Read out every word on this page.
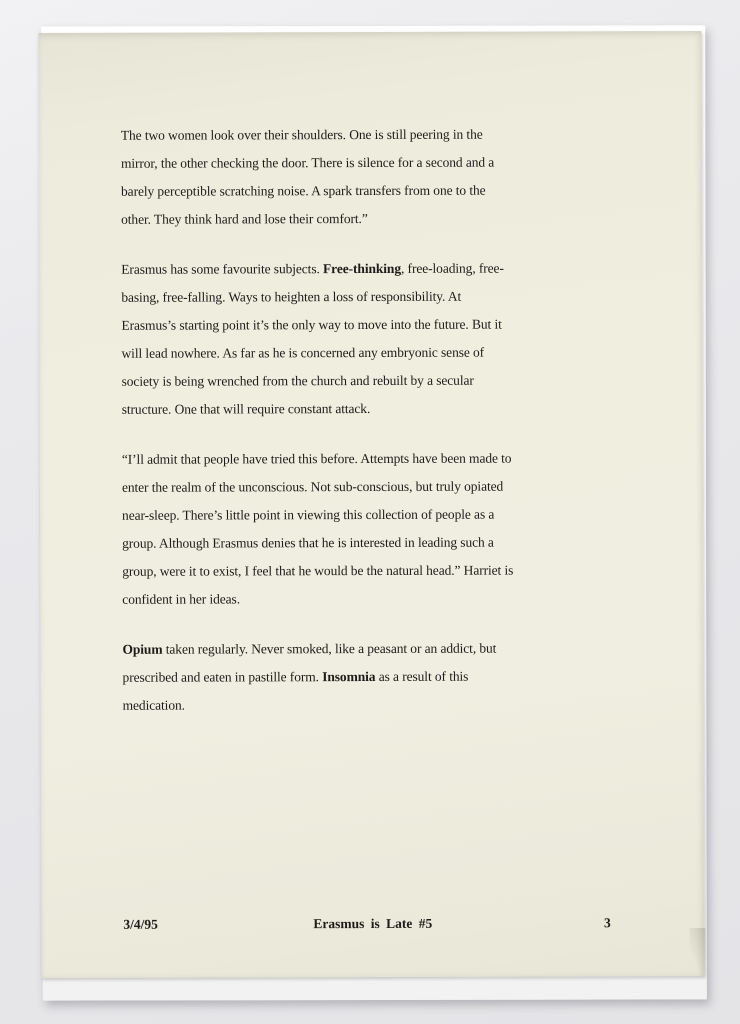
The two women look over their shoulders. One is still peering in the
mirror, the other checking the door. There is silence for a second and a
barely perceptible scratching noise. A spark transfers from one to the
other. They think hard and lose their comfort.”

Erasmus has some favourite subjects. Free-thinking, free-loading, free-
basing, free-falling. Ways to heighten a loss of responsibility. At
Erasmus’s starting point it’s the only way to move into the future. But it
will lead nowhere. As far as he is concerned any embryonic sense of
society is being wrenched from the church and rebuilt by a secular
structure. One that will require constant attack.

“I’ll admit that people have tried this before. Attempts have been made to
enter the realm of the unconscious. Not sub-conscious, but truly opiated
near-sleep. There’s little point in viewing this collection of people as a
group. Although Erasmus denies that he is interested in leading such a
group, were it to exist, I feel that he would be the natural head.” Harriet is
confident in her ideas.

Opium taken regularly. Never smoked, like a peasant or an addict, but
prescribed and eaten in pastille form. Insomnia as a result of this
medication.

3/4/95	Erasmus is Late #5	3
